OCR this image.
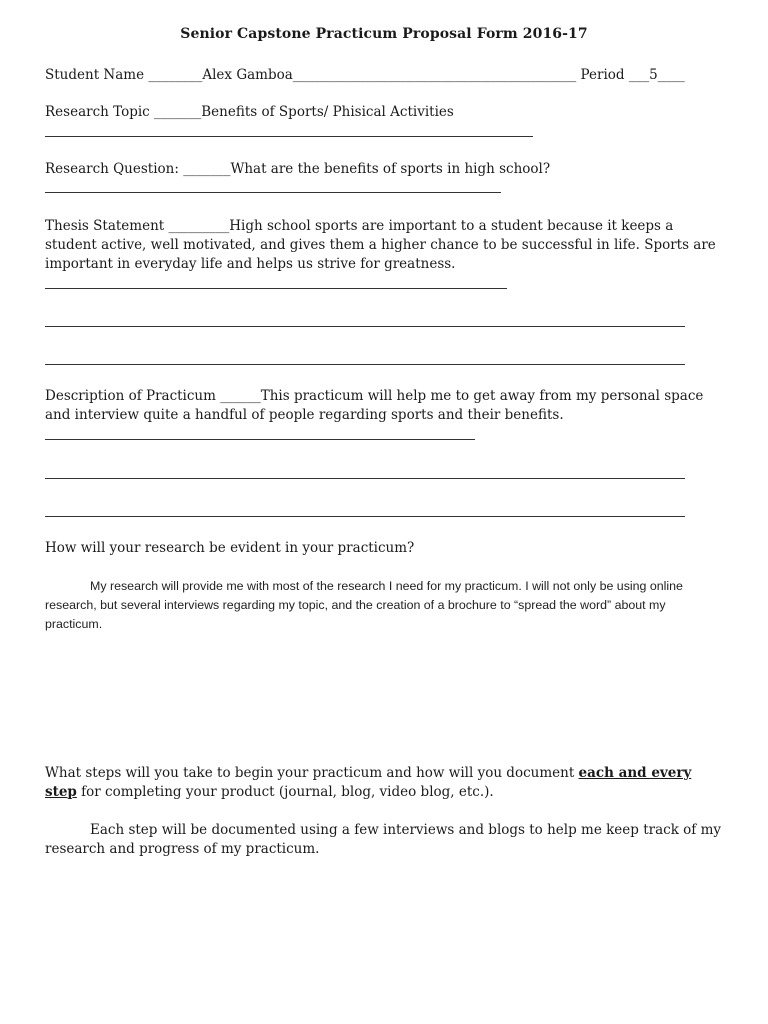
Senior Capstone Practicum Proposal Form 2016-17
Student Name ________Alex Gamboa__________________________________________ Period ___5____
Research Topic _______Benefits of Sports/ Phisical Activities
Research Question: _______What are the benefits of sports in high school?
Thesis Statement _________High school sports are important to a student because it keeps a student active, well motivated, and gives them a higher chance to be successful in life. Sports are important in everyday life and helps us strive for greatness.
Description of Practicum ______This practicum will help me to get away from my personal space and interview quite a handful of people regarding sports and their benefits.
How will your research be evident in your practicum?
My research will provide me with most of the research I need for my practicum. I will not only be using online research, but several interviews regarding my topic, and the creation of a brochure to “spread the word” about my practicum.
What steps will you take to begin your practicum and how will you document each and every step for completing your product (journal, blog, video blog, etc.).
Each step will be documented using a few interviews and blogs to help me keep track of my research and progress of my practicum.
